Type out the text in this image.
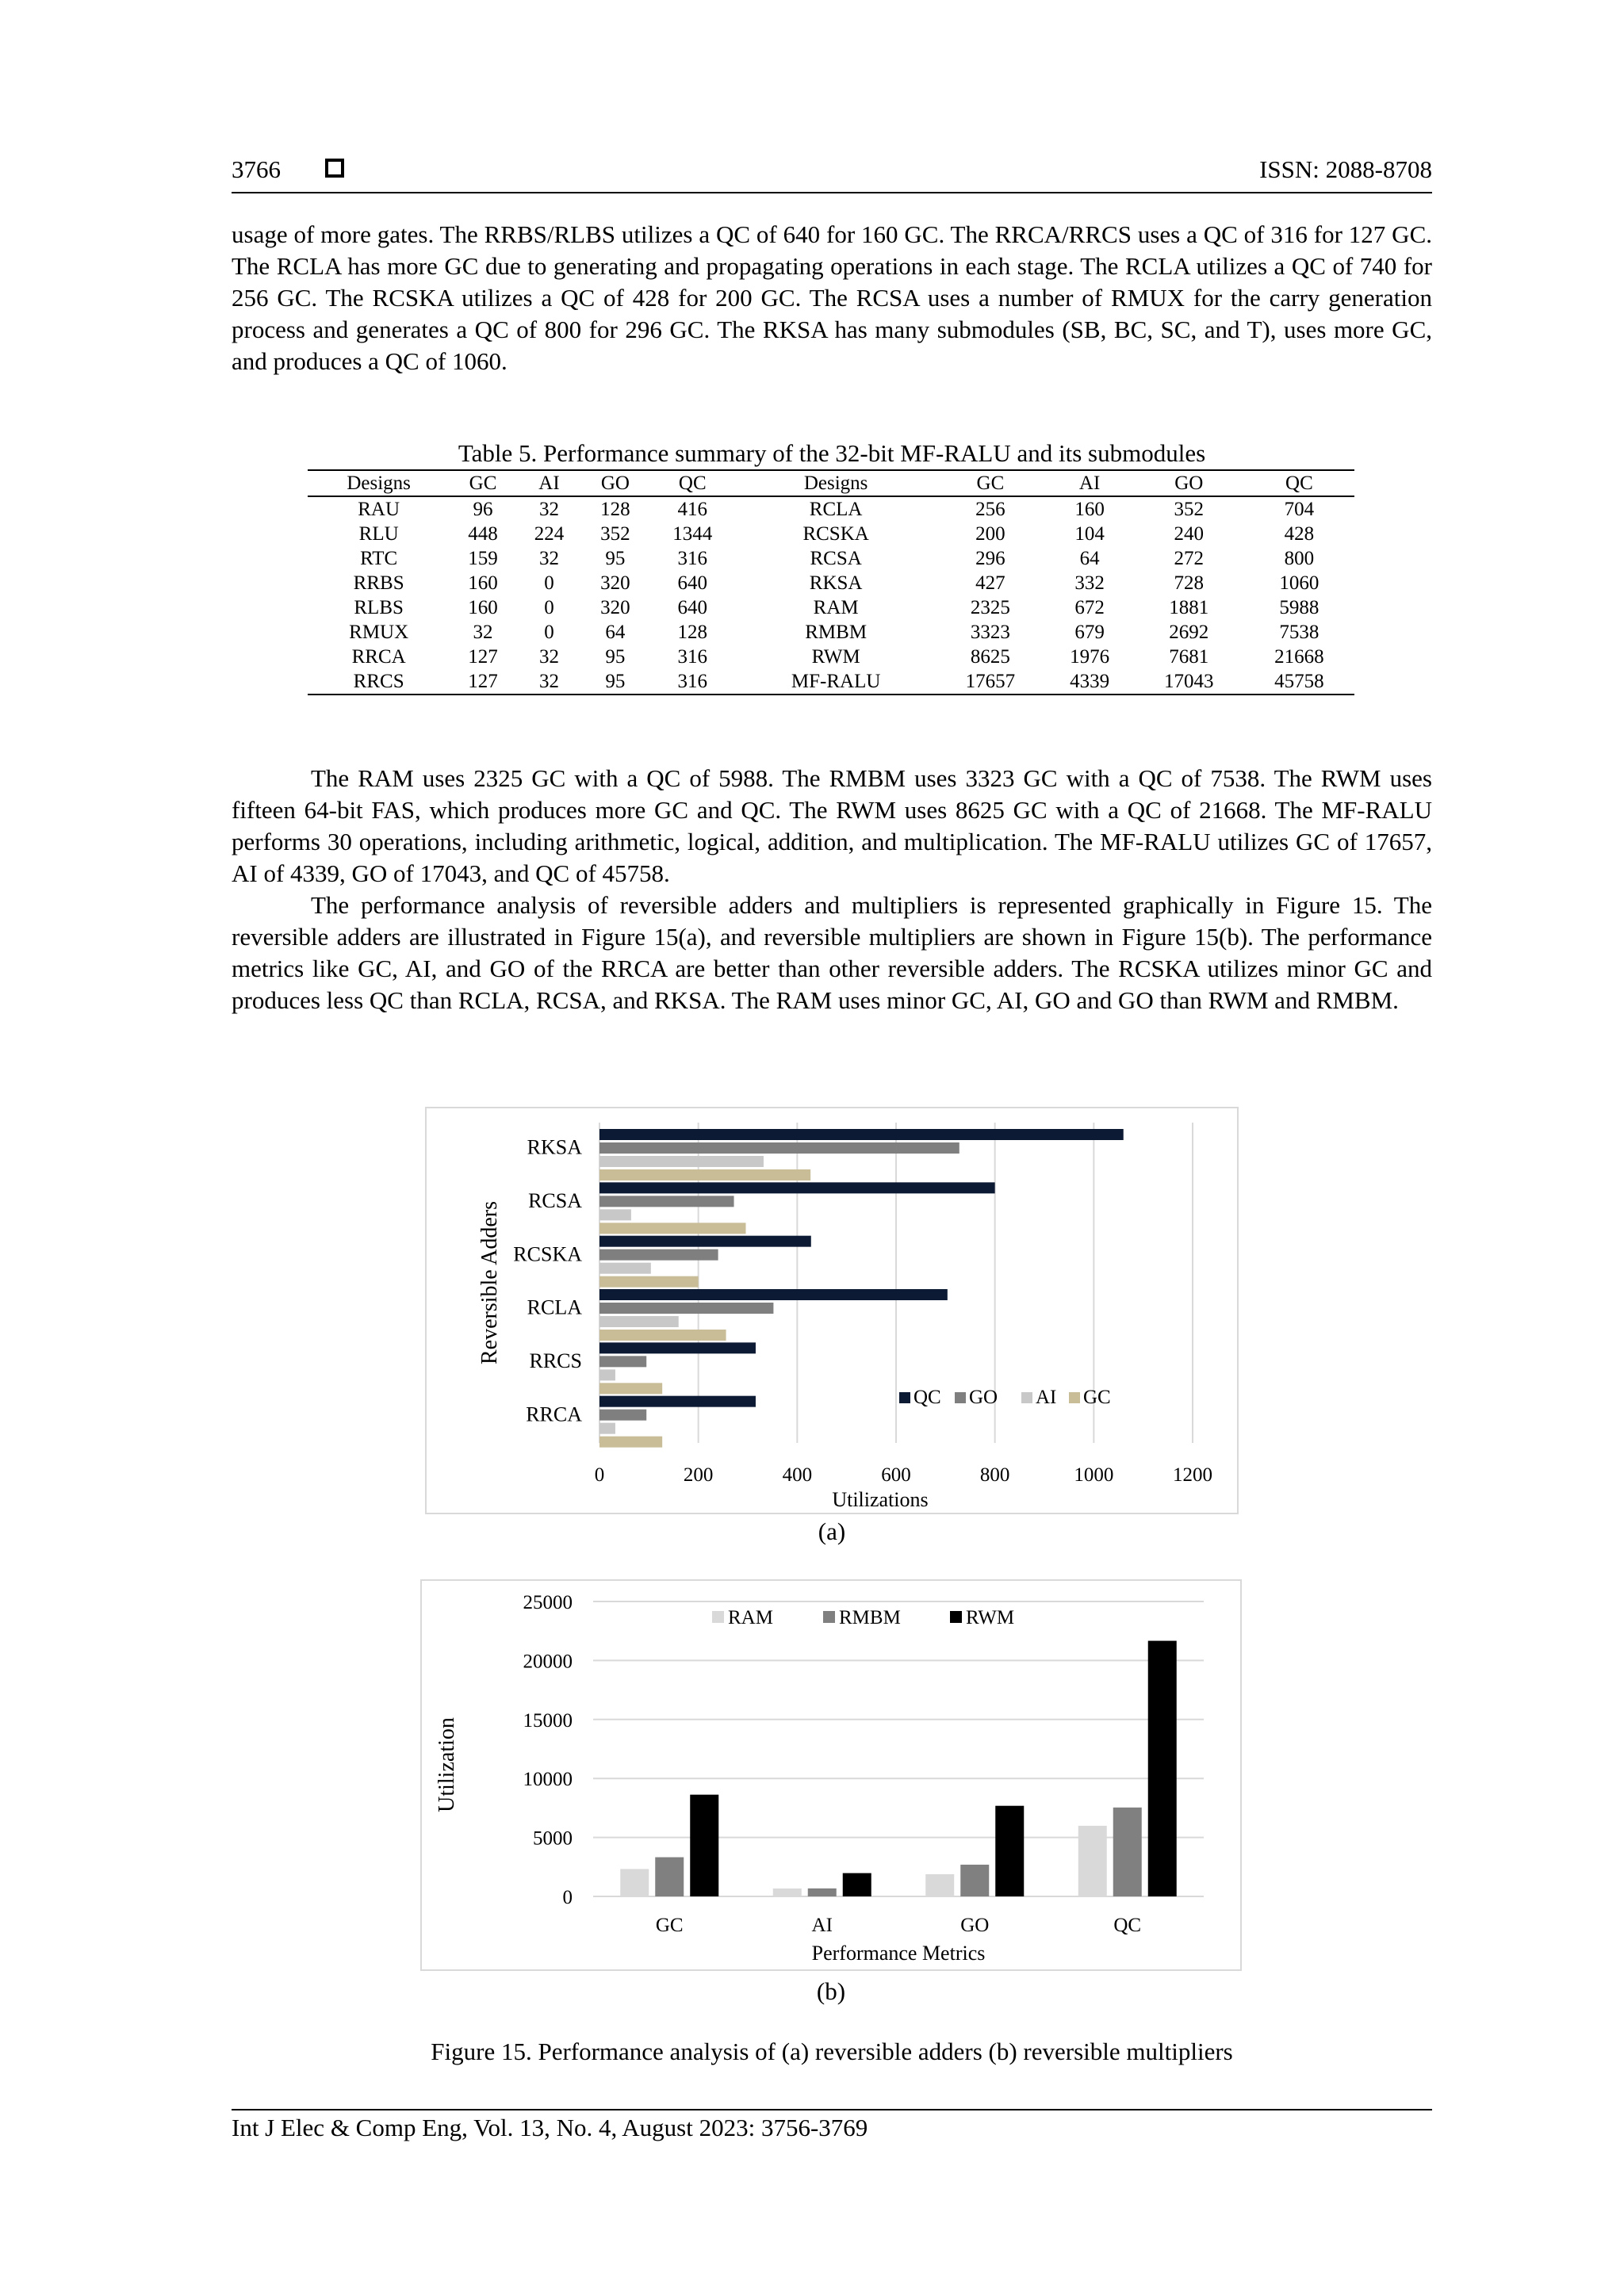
3766	ISSN: 2088-8708

usage of more gates. The RRBS/RLBS utilizes a QC of 640 for 160 GC. The RRCA/RRCS uses a QC of 316 for 127 GC. The RCLA has more GC due to generating and propagating operations in each stage. The RCLA utilizes a QC of 740 for 256 GC. The RCSKA utilizes a QC of 428 for 200 GC. The RCSA uses a number of RMUX for the carry generation process and generates a QC of 800 for 296 GC. The RKSA has many submodules (SB, BC, SC, and T), uses more GC, and produces a QC of 1060.

Table 5. Performance summary of the 32-bit MF-RALU and its submodules
Designs	GC	AI	GO	QC	Designs	GC	AI	GO	QC
RAU	96	32	128	416	RCLA	256	160	352	704
RLU	448	224	352	1344	RCSKA	200	104	240	428
RTC	159	32	95	316	RCSA	296	64	272	800
RRBS	160	0	320	640	RKSA	427	332	728	1060
RLBS	160	0	320	640	RAM	2325	672	1881	5988
RMUX	32	0	64	128	RMBM	3323	679	2692	7538
RRCA	127	32	95	316	RWM	8625	1976	7681	21668
RRCS	127	32	95	316	MF-RALU	17657	4339	17043	45758

The RAM uses 2325 GC with a QC of 5988. The RMBM uses 3323 GC with a QC of 7538. The RWM uses fifteen 64-bit FAS, which produces more GC and QC. The RWM uses 8625 GC with a QC of 21668. The MF-RALU performs 30 operations, including arithmetic, logical, addition, and multiplication. The MF-RALU utilizes GC of 17657, AI of 4339, GO of 17043, and QC of 45758.

The performance analysis of reversible adders and multipliers is represented graphically in Figure 15. The reversible adders are illustrated in Figure 15(a), and reversible multipliers are shown in Figure 15(b). The performance metrics like GC, AI, and GO of the RRCA are better than other reversible adders. The RCSKA utilizes minor GC and produces less QC than RCLA, RCSA, and RKSA. The RAM uses minor GC, AI, GO and GO than RWM and RMBM.

0	200	400	600	800	1000	1200
RRCA
RRCS
RCLA
RCSKA
RCSA
RKSA
Utilizations
Reversible Adders
QC GO AI GC
(a)
0
5000
10000
15000
20000
25000
GC	AI	GO	QC
Performance Metrics
Utilization
RAM	RMBM	RWM
(b)
Figure 15. Performance analysis of (a) reversible adders (b) reversible multipliers
Int J Elec & Comp Eng, Vol. 13, No. 4, August 2023: 3756-3769
